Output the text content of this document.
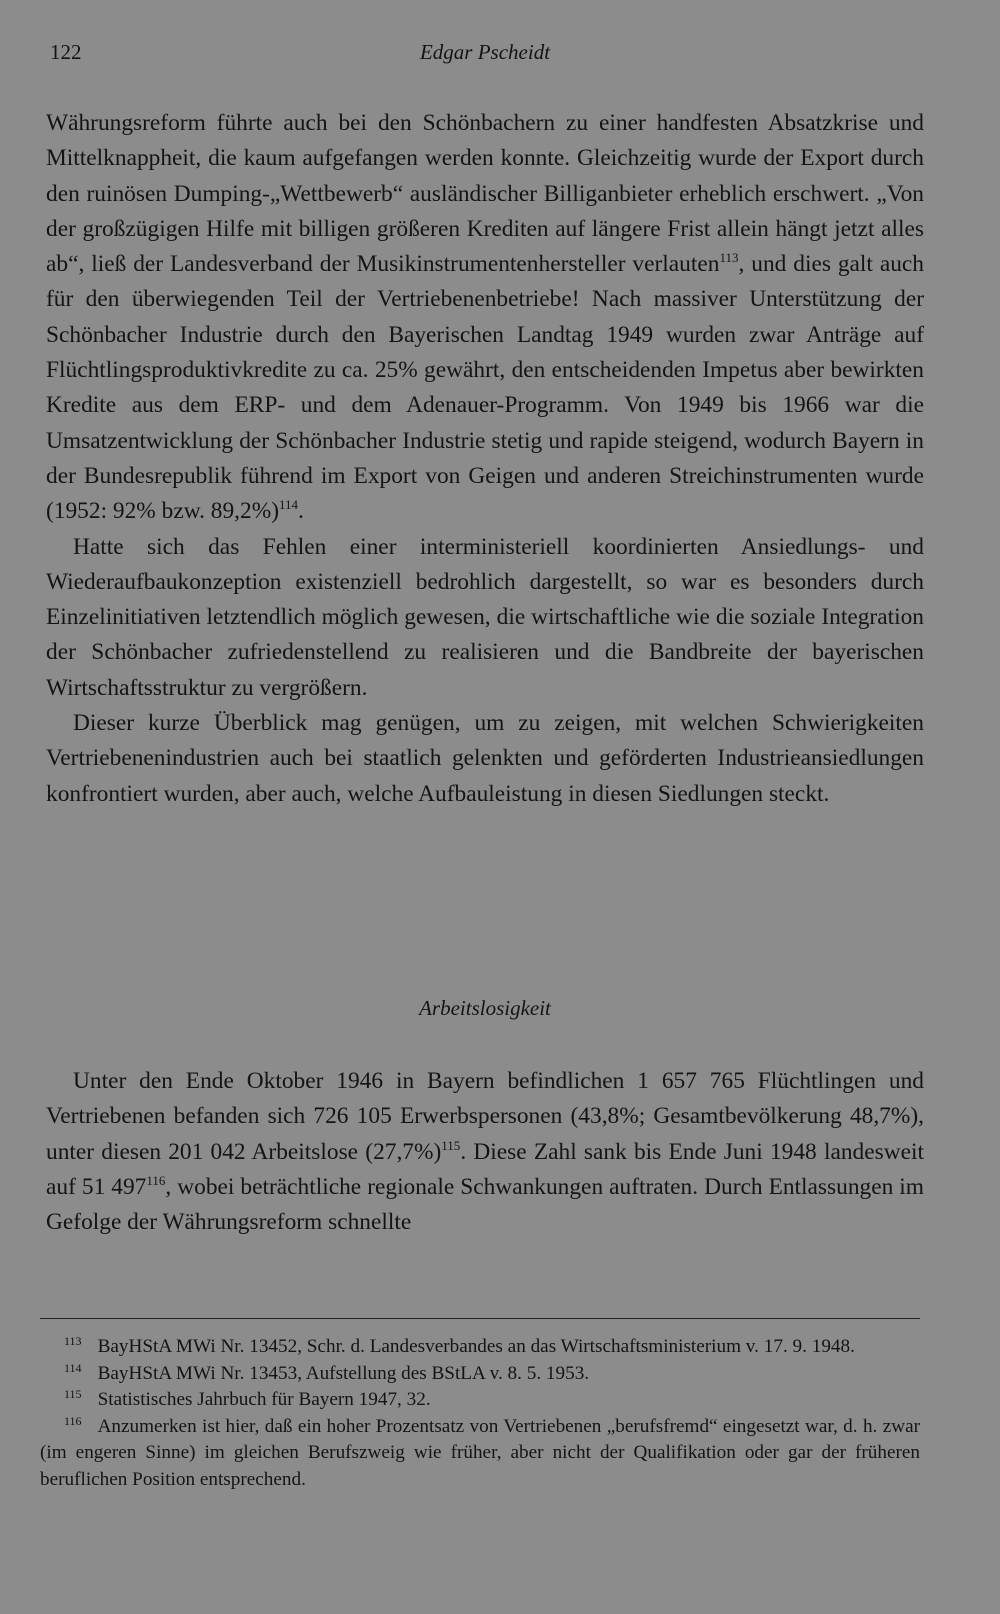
122	Edgar Pscheidt

Währungsreform führte auch bei den Schönbachern zu einer handfesten Absatzkrise und Mittelknappheit, die kaum aufgefangen werden konnte. Gleichzeitig wurde der Export durch den ruinösen Dumping-„Wettbewerb“ ausländischer Billiganbieter erheblich erschwert. „Von der großzügigen Hilfe mit billigen größeren Krediten auf längere Frist allein hängt jetzt alles ab“, ließ der Landesverband der Musikinstrumentenhersteller verlauten$^{113}$, und dies galt auch für den überwiegenden Teil der Vertriebenenbetriebe! Nach massiver Unterstützung der Schönbacher Industrie durch den Bayerischen Landtag 1949 wurden zwar Anträge auf Flüchtlingsproduktivkredite zu ca. 25% gewährt, den entscheidenden Impetus aber bewirkten Kredite aus dem ERP- und dem Adenauer-Programm. Von 1949 bis 1966 war die Umsatzentwicklung der Schönbacher Industrie stetig und rapide steigend, wodurch Bayern in der Bundesrepublik führend im Export von Geigen und anderen Streichinstrumenten wurde (1952: 92% bzw. 89,2%)$^{114}$.

Hatte sich das Fehlen einer interministeriell koordinierten Ansiedlungs- und Wiederaufbaukonzeption existenziell bedrohlich dargestellt, so war es besonders durch Einzelinitiativen letztendlich möglich gewesen, die wirtschaftliche wie die soziale Integration der Schönbacher zufriedenstellend zu realisieren und die Bandbreite der bayerischen Wirtschaftsstruktur zu vergrößern.

Dieser kurze Überblick mag genügen, um zu zeigen, mit welchen Schwierigkeiten Vertriebenenindustrien auch bei staatlich gelenkten und geförderten Industrieansiedlungen konfrontiert wurden, aber auch, welche Aufbauleistung in diesen Siedlungen steckt.

Arbeitslosigkeit

Unter den Ende Oktober 1946 in Bayern befindlichen 1 657 765 Flüchtlingen und Vertriebenen befanden sich 726 105 Erwerbspersonen (43,8%; Gesamtbevölkerung 48,7%), unter diesen 201 042 Arbeitslose $(27,7\%)^{115}$. Diese Zahl sank bis Ende Juni 1948 landesweit auf 51 $497^{116}$, wobei beträchtliche regionale Schwankungen auftraten. Durch Entlassungen im Gefolge der Währungsreform schnellte

$^{113}$ BayHStA MWi Nr. 13452, Schr. d. Landesverbandes an das Wirtschaftsministerium v. 17. 9. 1948.

$^{114}$ BayHStA MWi Nr. 13453, Aufstellung des BStLA v. 8. 5. 1953.

$^{115}$ Statistisches Jahrbuch für Bayern 1947, 32.

$^{116}$ Anzumerken ist hier, daß ein hoher Prozentsatz von Vertriebenen „berufsfremd“ eingesetzt war, d. h. zwar (im engeren Sinne) im gleichen Berufszweig wie früher, aber nicht der Qualifikation oder gar der früheren beruflichen Position entsprechend.
